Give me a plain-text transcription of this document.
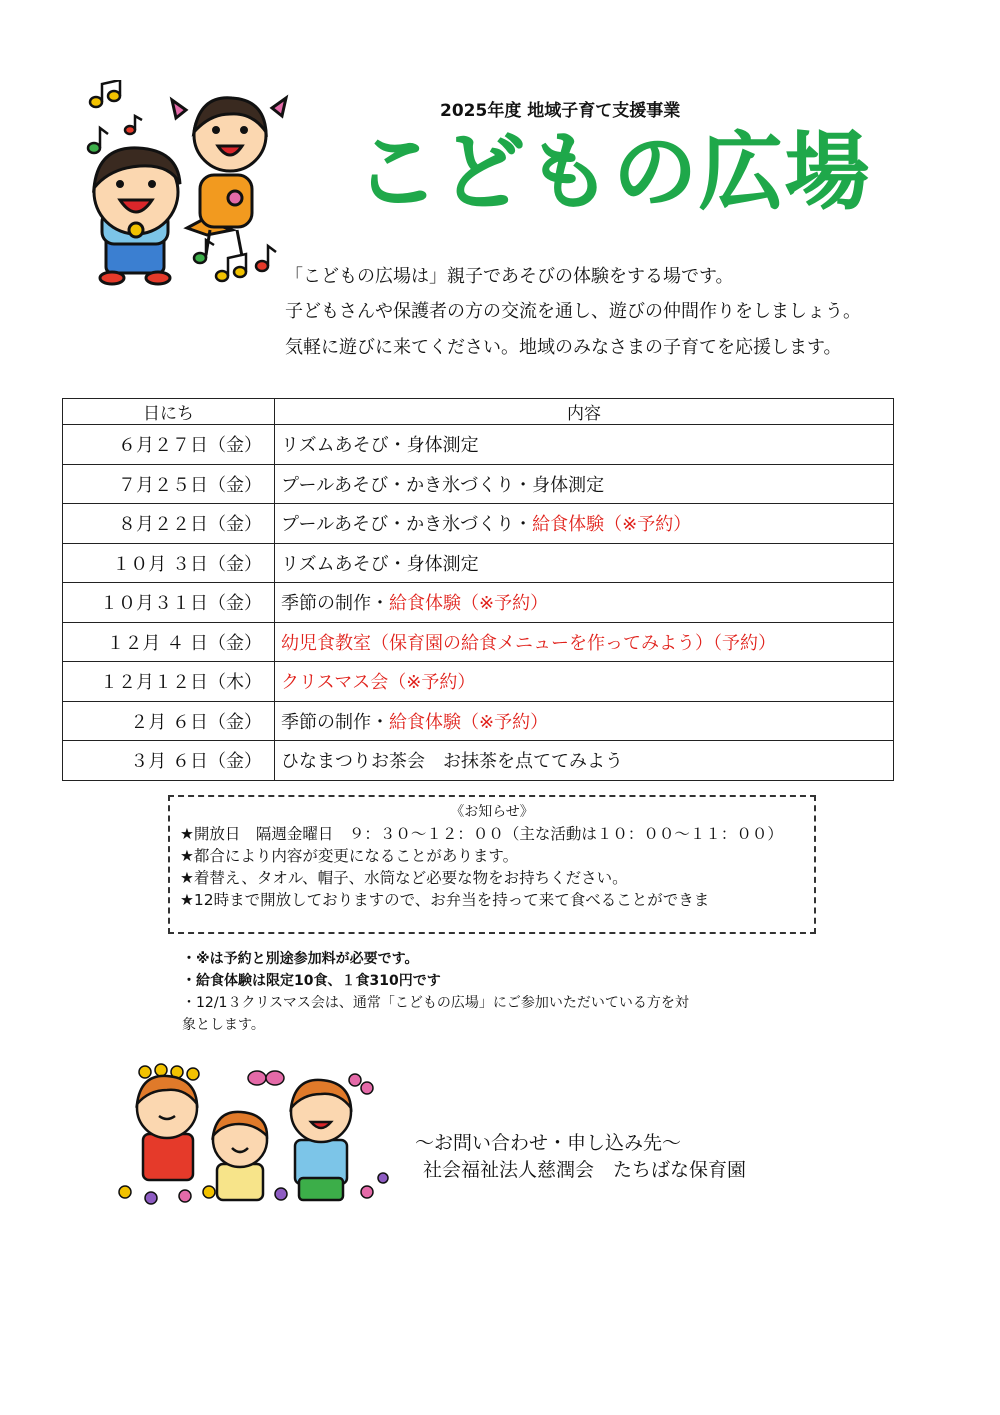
2025年度 地域子育て支援事業
こどもの広場
「こどもの広場は」親子であそびの体験をする場です。
子どもさんや保護者の方の交流を通し、遊びの仲間作りをしましょう。
気軽に遊びに来てください。地域のみなさまの子育てを応援します。
日にち	内容
６月２７日（金）	リズムあそび・身体測定
７月２５日（金）	プールあそび・かき氷づくり・身体測定
８月２２日（金）	プールあそび・かき氷づくり・給食体験（※予約）
１０月 ３日（金）	リズムあそび・身体測定
１０月３１日（金）	季節の制作・給食体験（※予約）
１２月 ４ 日（金）	幼児食教室（保育園の給食メニューを作ってみよう）（予約）
１２月１２日（木）	クリスマス会（※予約）
２月 ６日（金）	季節の制作・給食体験（※予約）
３月 ６日（金）	ひなまつりお茶会　お抹茶を点ててみよう
《お知らせ》
★開放日　隔週金曜日　９：３０〜１２：００（主な活動は１０：００〜１１：００）
★都合により内容が変更になることがあります。
★着替え、タオル、帽子、水筒など必要な物をお持ちください。
★12時まで開放しておりますので、お弁当を持って来て食べることができま
・※は予約と別途参加料が必要です。
・給食体験は限定10食、１食310円です
・12/1３クリスマス会は、通常「こどもの広場」にご参加いただいている方を対
象とします。
〜お問い合わせ・申し込み先〜
社会福祉法人慈潤会　たちばな保育園
